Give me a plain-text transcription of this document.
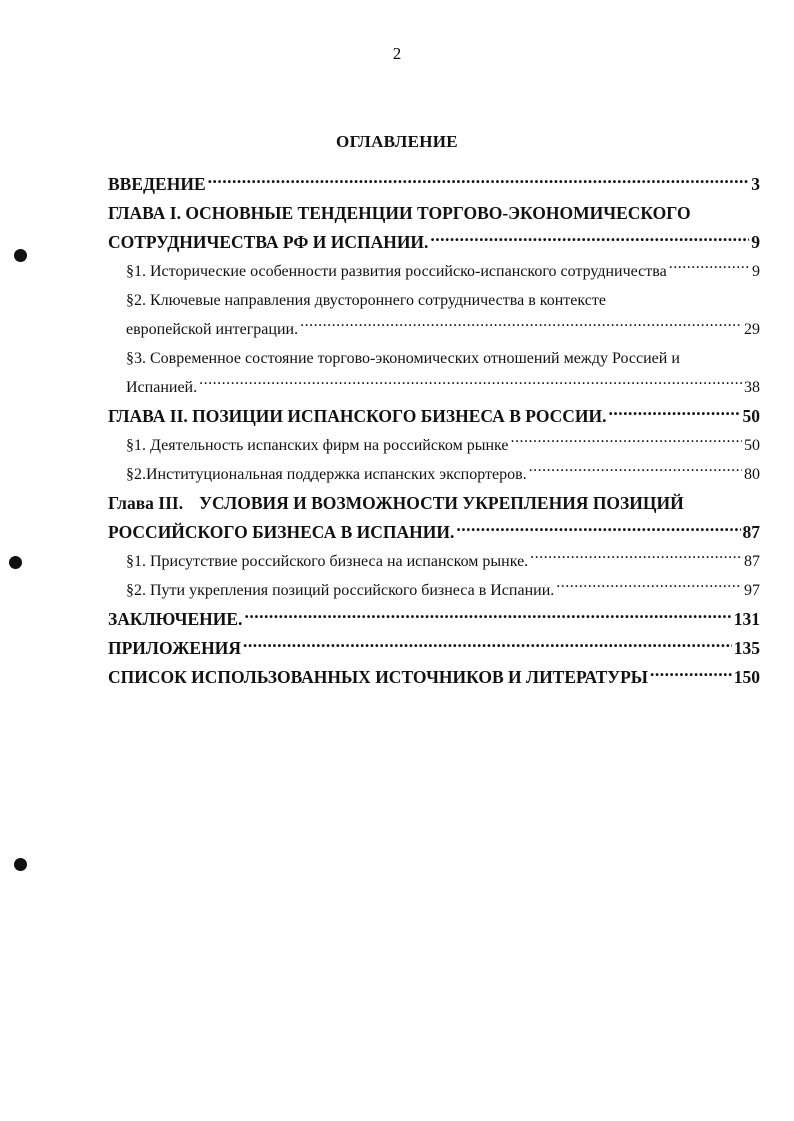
2
ОГЛАВЛЕНИЕ
ВВЕДЕНИЕ .....	3
ГЛАВА I. ОСНОВНЫЕ ТЕНДЕНЦИИ ТОРГОВО-ЭКОНОМИЧЕСКОГО
СОТРУДНИЧЕСТВА РФ И ИСПАНИИ. .....	9
§1. Исторические особенности развития российско-испанского сотрудничества .....	9
§2. Ключевые направления двустороннего сотрудничества в контексте
европейской интеграции. .....	29
§3. Современное состояние торгово-экономических отношений между Россией и
Испанией. .....	38
ГЛАВА II. ПОЗИЦИИ ИСПАНСКОГО БИЗНЕСА В РОССИИ. .....	50
§1. Деятельность испанских фирм на российском рынке .....	50
§2.Институциональная поддержка испанских экспортеров. .....	80
Глава III. УСЛОВИЯ И ВОЗМОЖНОСТИ УКРЕПЛЕНИЯ ПОЗИЦИЙ
РОССИЙСКОГО БИЗНЕСА В ИСПАНИИ. .....	87
§1. Присутствие российского бизнеса на испанском рынке. .....	87
§2. Пути укрепления позиций российского бизнеса в Испании. .....	97
ЗАКЛЮЧЕНИЕ. .....	131
ПРИЛОЖЕНИЯ .....	135
СПИСОК ИСПОЛЬЗОВАННЫХ ИСТОЧНИКОВ И ЛИТЕРАТУРЫ .....	150
